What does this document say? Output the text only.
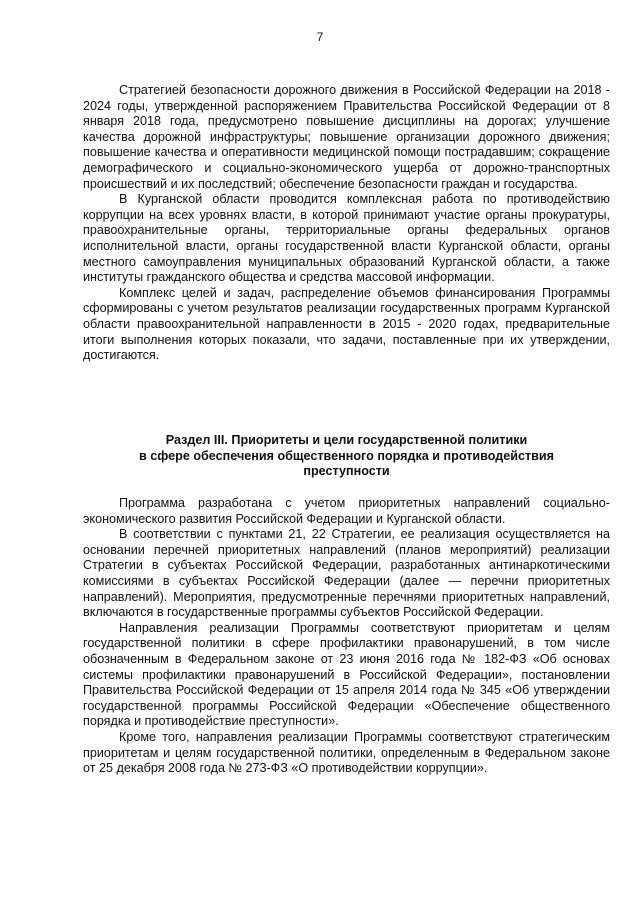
7

Стратегией безопасности дорожного движения в Российской Федерации на 2018 - 2024 годы, утвержденной распоряжением Правительства Российской Федерации от 8 января 2018 года, предусмотрено повышение дисциплины на дорогах; улучшение качества дорожной инфраструктуры; повышение организации дорожного движения; повышение качества и оперативности медицинской помощи пострадавшим; сокращение демографического и социально-экономического ущерба от дорожно-транспортных происшествий и их последствий; обеспечение безопасности граждан и государства.

В Курганской области проводится комплексная работа по противодействию коррупции на всех уровнях власти, в которой принимают участие органы прокуратуры, правоохранительные органы, территориальные органы федеральных органов исполнительной власти, органы государственной власти Курганской области, органы местного самоуправления муниципальных образований Курганской области, а также институты гражданского общества и средства массовой информации.

Комплекс целей и задач, распределение объемов финансирования Программы сформированы с учетом результатов реализации государственных программ Курганской области правоохранительной направленности в 2015 - 2020 годах, предварительные итоги выполнения которых показали, что задачи, поставленные при их утверждении, достигаются.

Раздел III. Приоритеты и цели государственной политики
в сфере обеспечения общественного порядка и противодействия
преступности

Программа разработана с учетом приоритетных направлений социально-экономического развития Российской Федерации и Курганской области.

В соответствии с пунктами 21, 22 Стратегии, ее реализация осуществляется на основании перечней приоритетных направлений (планов мероприятий) реализации Стратегии в субъектах Российской Федерации, разработанных антинаркотическими комиссиями в субъектах Российской Федерации (далее — перечни приоритетных направлений). Мероприятия, предусмотренные перечнями приоритетных направлений, включаются в государственные программы субъектов Российской Федерации.

Направления реализации Программы соответствуют приоритетам и целям государственной политики в сфере профилактики правонарушений, в том числе обозначенным в Федеральном законе от 23 июня 2016 года № 182-ФЗ «Об основах системы профилактики правонарушений в Российской Федерации», постановлении Правительства Российской Федерации от 15 апреля 2014 года № 345 «Об утверждении государственной программы Российской Федерации «Обеспечение общественного порядка и противодействие преступности».

Кроме того, направления реализации Программы соответствуют стратегическим приоритетам и целям государственной политики, определенным в Федеральном законе от 25 декабря 2008 года № 273-ФЗ «О противодействии коррупции».
